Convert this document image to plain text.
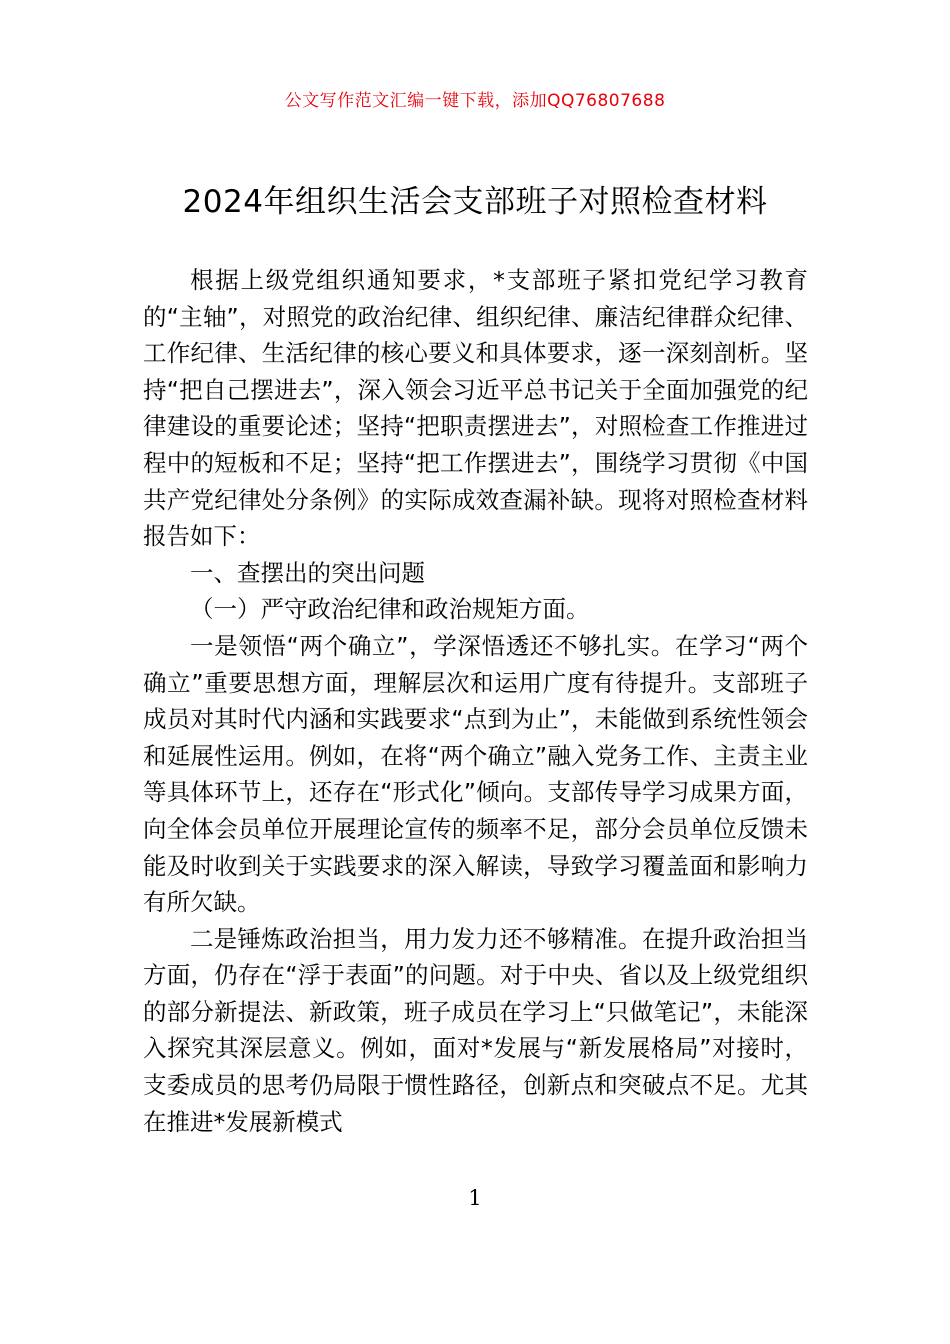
公文写作范文汇编一键下载，添加QQ76807688
2024年组织生活会支部班子对照检查材料

根据上级党组织通知要求，*支部班子紧扣党纪学习教育的“主轴”，对照党的政治纪律、组织纪律、廉洁纪律群众纪律、工作纪律、生活纪律的核心要义和具体要求，逐一深刻剖析。坚持“把自己摆进去”，深入领会习近平总书记关于全面加强党的纪律建设的重要论述；坚持“把职责摆进去”，对照检查工作推进过程中的短板和不足；坚持“把工作摆进去”，围绕学习贯彻《中国共产党纪律处分条例》的实际成效查漏补缺。现将对照检查材料报告如下：

一、查摆出的突出问题

（一）严守政治纪律和政治规矩方面。

一是领悟“两个确立”，学深悟透还不够扎实。在学习“两个确立”重要思想方面，理解层次和运用广度有待提升。支部班子成员对其时代内涵和实践要求“点到为止”，未能做到系统性领会和延展性运用。例如，在将“两个确立”融入党务工作、主责主业等具体环节上，还存在“形式化”倾向。支部传导学习成果方面，向全体会员单位开展理论宣传的频率不足，部分会员单位反馈未能及时收到关于实践要求的深入解读，导致学习覆盖面和影响力有所欠缺。

二是锤炼政治担当，用力发力还不够精准。在提升政治担当方面，仍存在“浮于表面”的问题。对于中央、省以及上级党组织的部分新提法、新政策，班子成员在学习上“只做笔记”，未能深入探究其深层意义。例如，面对*发展与“新发展格局”对接时，支委成员的思考仍局限于惯性路径，创新点和突破点不足。尤其在推进*发展新模式

1
